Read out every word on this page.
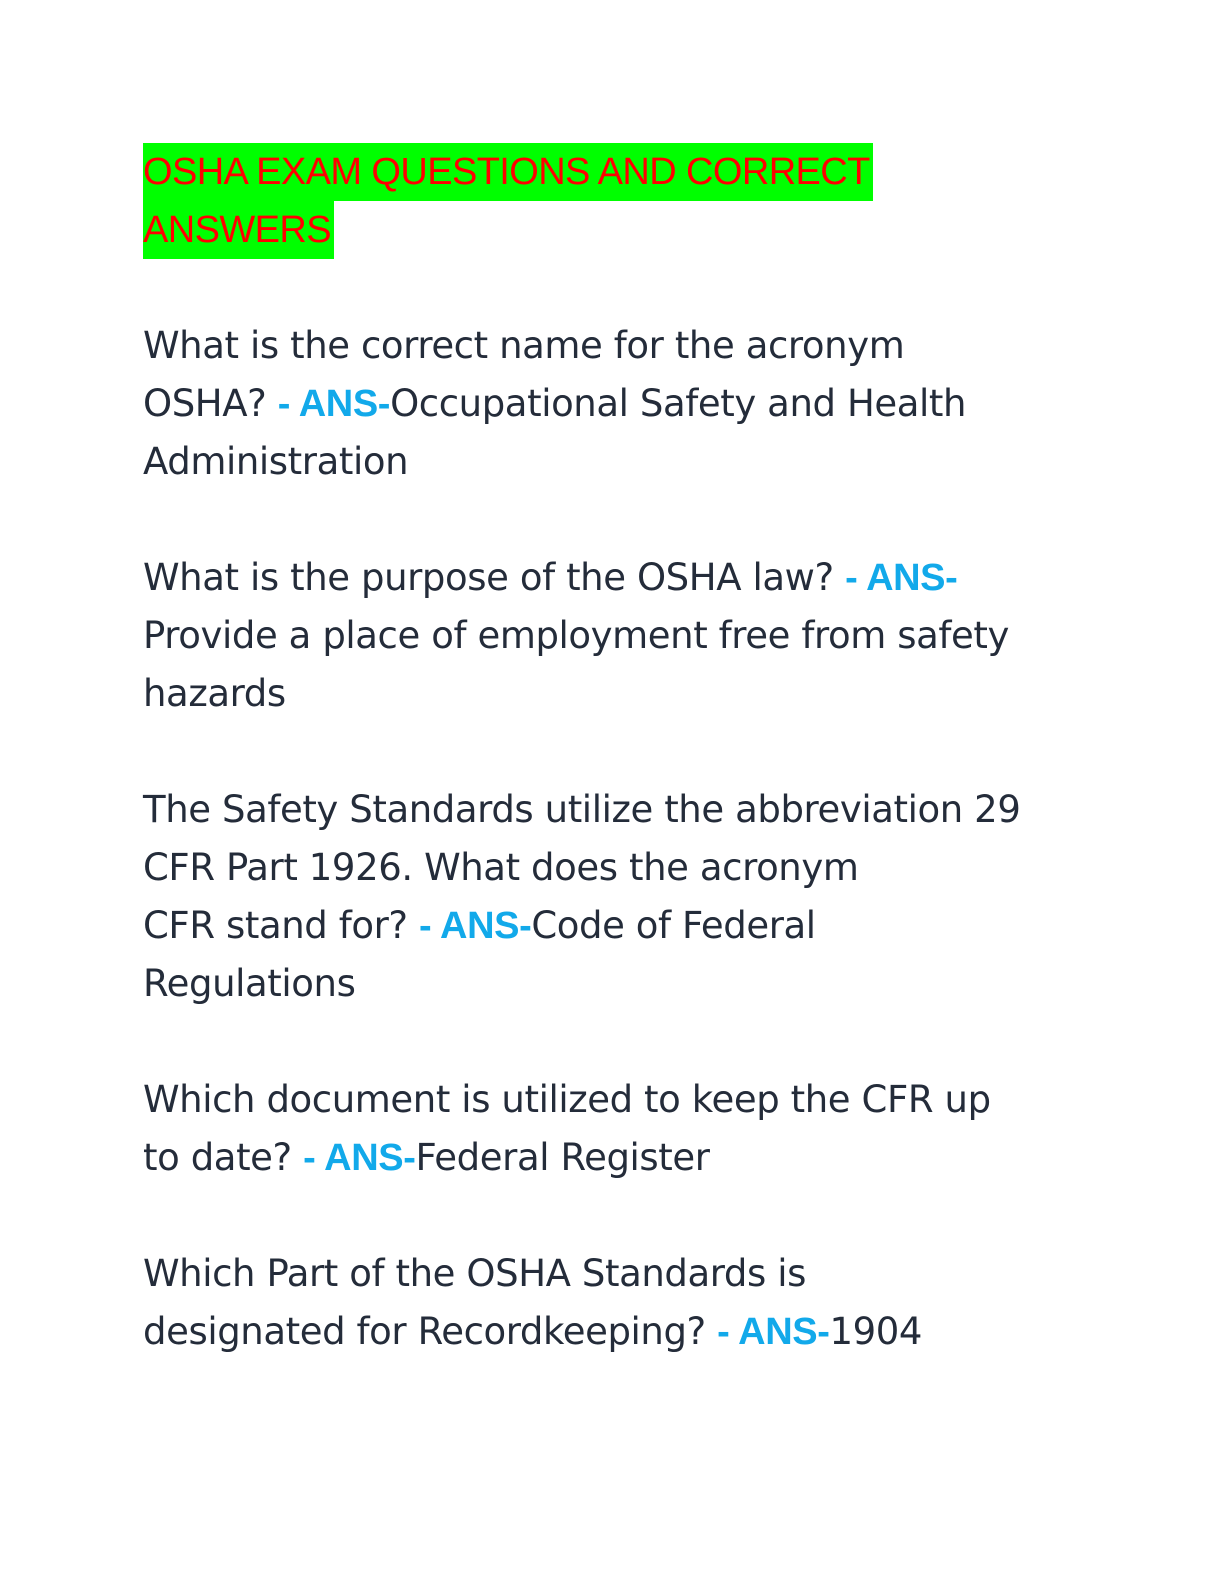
OSHA EXAM QUESTIONS AND CORRECT
ANSWERS

What is the correct name for the acronym
OSHA? - ANS-Occupational Safety and Health
Administration

What is the purpose of the OSHA law? - ANS-
Provide a place of employment free from safety
hazards

The Safety Standards utilize the abbreviation 29
CFR Part 1926. What does the acronym
CFR stand for? - ANS-Code of Federal
Regulations

Which document is utilized to keep the CFR up
to date? - ANS-Federal Register

Which Part of the OSHA Standards is
designated for Recordkeeping? - ANS-1904
